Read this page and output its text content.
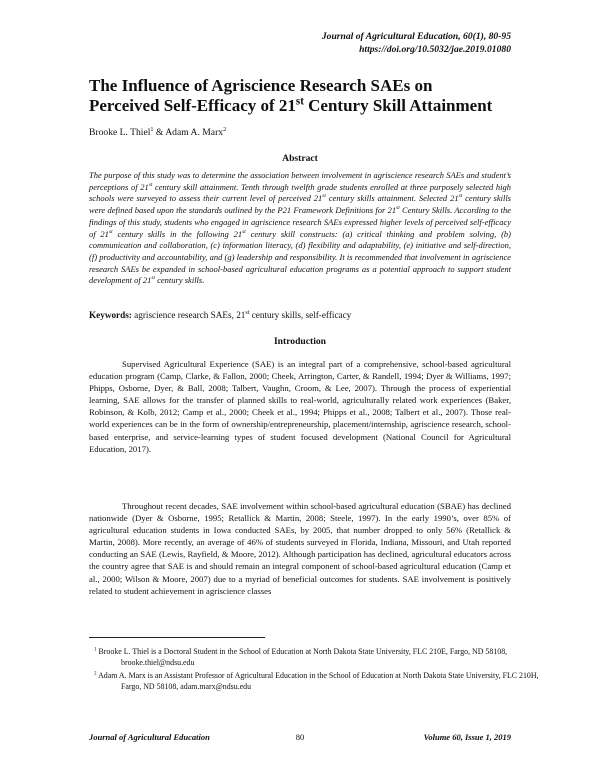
Journal of Agricultural Education, 60(1), 80-95
https://doi.org/10.5032/jae.2019.01080
The Influence of Agriscience Research SAEs on
Perceived Self-Efficacy of 21st Century Skill Attainment
Brooke L. Thiel$^1$ & Adam A. Marx$^2$
Abstract

The purpose of this study was to determine the association between involvement in agriscience research SAEs and student’s perceptions of 21st century skill attainment. Tenth through twelfth grade students enrolled at three purposely selected high schools were surveyed to assess their current level of perceived 21st century skills attainment. Selected 21st century skills were defined based upon the standards outlined by the P21 Framework Definitions for 21st Century Skills. According to the findings of this study, students who engaged in agriscience research SAEs expressed higher levels of perceived self-efficacy of 21st century skills in the following 21st century skill constructs: (a) critical thinking and problem solving, (b) communication and collaboration, (c) information literacy, (d) flexibility and adaptability, (e) initiative and self-direction, (f) productivity and accountability, and (g) leadership and responsibility. It is recommended that involvement in agriscience research SAEs be expanded in school-based agricultural education programs as a potential approach to support student development of 21st century skills.

Keywords: agriscience research SAEs, 21st century skills, self-efficacy
Introduction

Supervised Agricultural Experience (SAE) is an integral part of a comprehensive, school-based agricultural education program (Camp, Clarke, & Fallon, 2000; Cheek, Arrington, Carter, & Randell, 1994; Dyer & Williams, 1997; Phipps, Osborne, Dyer, & Ball, 2008; Talbert, Vaughn, Croom, & Lee, 2007). Through the process of experiential learning, SAE allows for the transfer of planned skills to real-world, agriculturally related work experiences (Baker, Robinson, & Kolb, 2012; Camp et al., 2000; Cheek et al., 1994; Phipps et al., 2008; Talbert et al., 2007). Those real-world experiences can be in the form of ownership/entrepreneurship, placement/internship, agriscience research, school-based enterprise, and service-learning types of student focused development (National Council for Agricultural Education, 2017).

Throughout recent decades, SAE involvement within school-based agricultural education (SBAE) has declined nationwide (Dyer & Osborne, 1995; Retallick & Martin, 2008; Steele, 1997). In the early 1990’s, over 85% of agricultural education students in Iowa conducted SAEs, by 2005, that number dropped to only 56% (Retallick & Martin, 2008). More recently, an average of 46% of students surveyed in Florida, Indiana, Missouri, and Utah reported conducting an SAE (Lewis, Rayfield, & Moore, 2012). Although participation has declined, agricultural educators across the country agree that SAE is and should remain an integral component of school-based agricultural education (Camp et al., 2000; Wilson & Moore, 2007) due to a myriad of beneficial outcomes for students. SAE involvement is positively related to student achievement in agriscience classes

$^1$ Brooke L. Thiel is a Doctoral Student in the School of Education at North Dakota State University, FLC 210E, Fargo, ND 58108, brooke.thiel@ndsu.edu

$^2$ Adam A. Marx is an Assistant Professor of Agricultural Education in the School of Education at North Dakota State University, FLC 210H, Fargo, ND 58108, adam.marx@ndsu.edu

Journal of Agricultural Education	80	Volume 60, Issue 1, 2019
